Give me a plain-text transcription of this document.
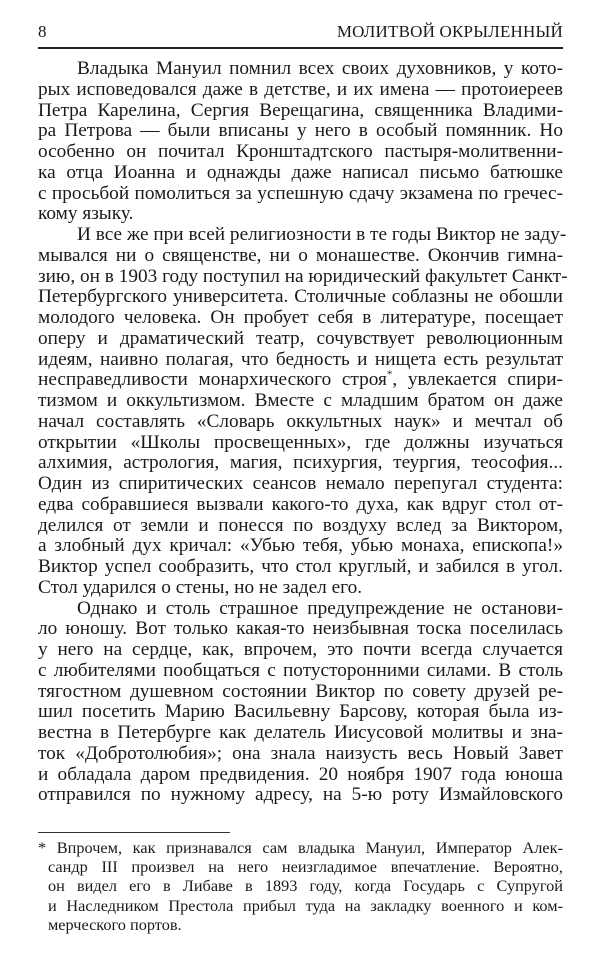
8	МОЛИТВОЙ ОКРЫЛЕННЫЙ
Владыка Мануил помнил всех своих духовников, у кото-
рых исповедовался даже в детстве, и их имена — протоиереев
Петра Карелина, Сергия Верещагина, священника Владими-
ра Петрова — были вписаны у него в особый помянник. Но
особенно он почитал Кронштадтского пастыря-молитвенни-
ка отца Иоанна и однажды даже написал письмо батюшке
с просьбой помолиться за успешную сдачу экзамена по гречес-
кому языку.
И все же при всей религиозности в те годы Виктор не заду-
мывался ни о священстве, ни о монашестве. Окончив гимна-
зию, он в 1903 году поступил на юридический факультет Санкт-
Петербургского университета. Столичные соблазны не обошли
молодого человека. Он пробует себя в литературе, посещает
оперу и драматический театр, сочувствует революционным
идеям, наивно полагая, что бедность и нищета есть результат
несправедливости монархического строя*, увлекается спири-
тизмом и оккультизмом. Вместе с младшим братом он даже
начал составлять «Словарь оккультных наук» и мечтал об
открытии «Школы просвещенных», где должны изучаться
алхимия, астрология, магия, психургия, теургия, теософия...
Один из спиритических сеансов немало перепугал студента:
едва собравшиеся вызвали какого-то духа, как вдруг стол от-
делился от земли и понесся по воздуху вслед за Виктором,
а злобный дух кричал: «Убью тебя, убью монаха, епископа!»
Виктор успел сообразить, что стол круглый, и забился в угол.
Стол ударился о стены, но не задел его.
Однако и столь страшное предупреждение не останови-
ло юношу. Вот только какая-то неизбывная тоска поселилась
у него на сердце, как, впрочем, это почти всегда случается
с любителями пообщаться с потусторонними силами. В столь
тягостном душевном состоянии Виктор по совету друзей ре-
шил посетить Марию Васильевну Барсову, которая была из-
вестна в Петербурге как делатель Иисусовой молитвы и зна-
ток «Добротолюбия»; она знала наизусть весь Новый Завет
и обладала даром предвидения. 20 ноября 1907 года юноша
отправился по нужному адресу, на 5-ю роту Измайловского
* Впрочем, как признавался сам владыка Мануил, Император Алек-
сандр III произвел на него неизгладимое впечатление. Вероятно,
он видел его в Либаве в 1893 году, когда Государь с Супругой
и Наследником Престола прибыл туда на закладку военного и ком-
мерческого портов.
